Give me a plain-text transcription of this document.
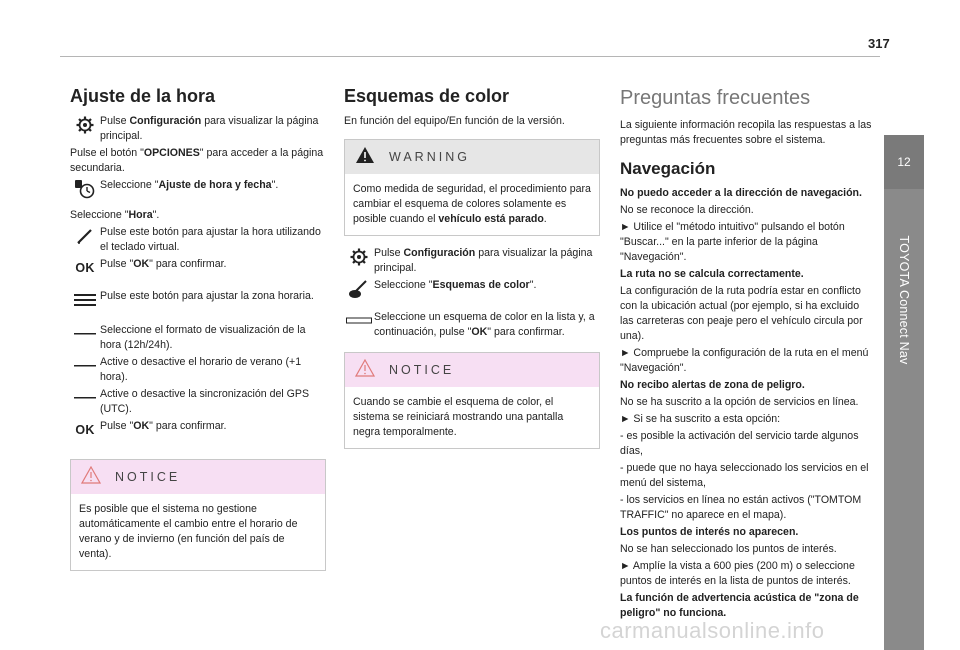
317
12
TOYOTA Connect Nav
Ajuste de la hora
Pulse Configuración para visualizar la página principal.

Pulse el botón "OPCIONES" para acceder a la página secundaria.

Seleccione "Ajuste de hora y fecha".

Seleccione "Hora".

Pulse este botón para ajustar la hora utilizando el teclado virtual.
OK Pulse "OK" para confirmar.
Pulse este botón para ajustar la zona horaria.
Seleccione el formato de visualización de la hora (12h/24h).
Active o desactive el horario de verano (+1 hora).
Active o desactive la sincronización del GPS (UTC).
OK Pulse "OK" para confirmar.
NOTICE
Es posible que el sistema no gestione automáticamente el cambio entre el horario de verano y de invierno (en función del país de venta).
Esquemas de color

En función del equipo/En función de la versión.

WARNING
Como medida de seguridad, el procedimiento para cambiar el esquema de colores solamente es posible cuando el vehículo está parado.
Pulse Configuración para visualizar la página principal.
Seleccione "Esquemas de color".
Seleccione un esquema de color en la lista y, a continuación, pulse "OK" para confirmar.
NOTICE
Cuando se cambie el esquema de color, el sistema se reiniciará mostrando una pantalla negra temporalmente.
Preguntas frecuentes

La siguiente información recopila las respuestas a las preguntas más frecuentes sobre el sistema.

Navegación

No puedo acceder a la dirección de navegación.

No se reconoce la dirección.

► Utilice el "método intuitivo" pulsando el botón "Buscar..." en la parte inferior de la página "Navegación".

La ruta no se calcula correctamente.

La configuración de la ruta podría estar en conflicto con la ubicación actual (por ejemplo, si ha excluido las carreteras con peaje pero el vehículo circula por una).

► Compruebe la configuración de la ruta en el menú "Navegación".

No recibo alertas de zona de peligro.

No se ha suscrito a la opción de servicios en línea.

► Si se ha suscrito a esta opción:

- es posible la activación del servicio tarde algunos días,

- puede que no haya seleccionado los servicios en el menú del sistema,

- los servicios en línea no están activos ("TOMTOM TRAFFIC" no aparece en el mapa).

Los puntos de interés no aparecen.

No se han seleccionado los puntos de interés.

► Amplíe la vista a 600 pies (200 m) o seleccione puntos de interés en la lista de puntos de interés.

La función de advertencia acústica de "zona de peligro" no funciona.

carmanualsonline.info
